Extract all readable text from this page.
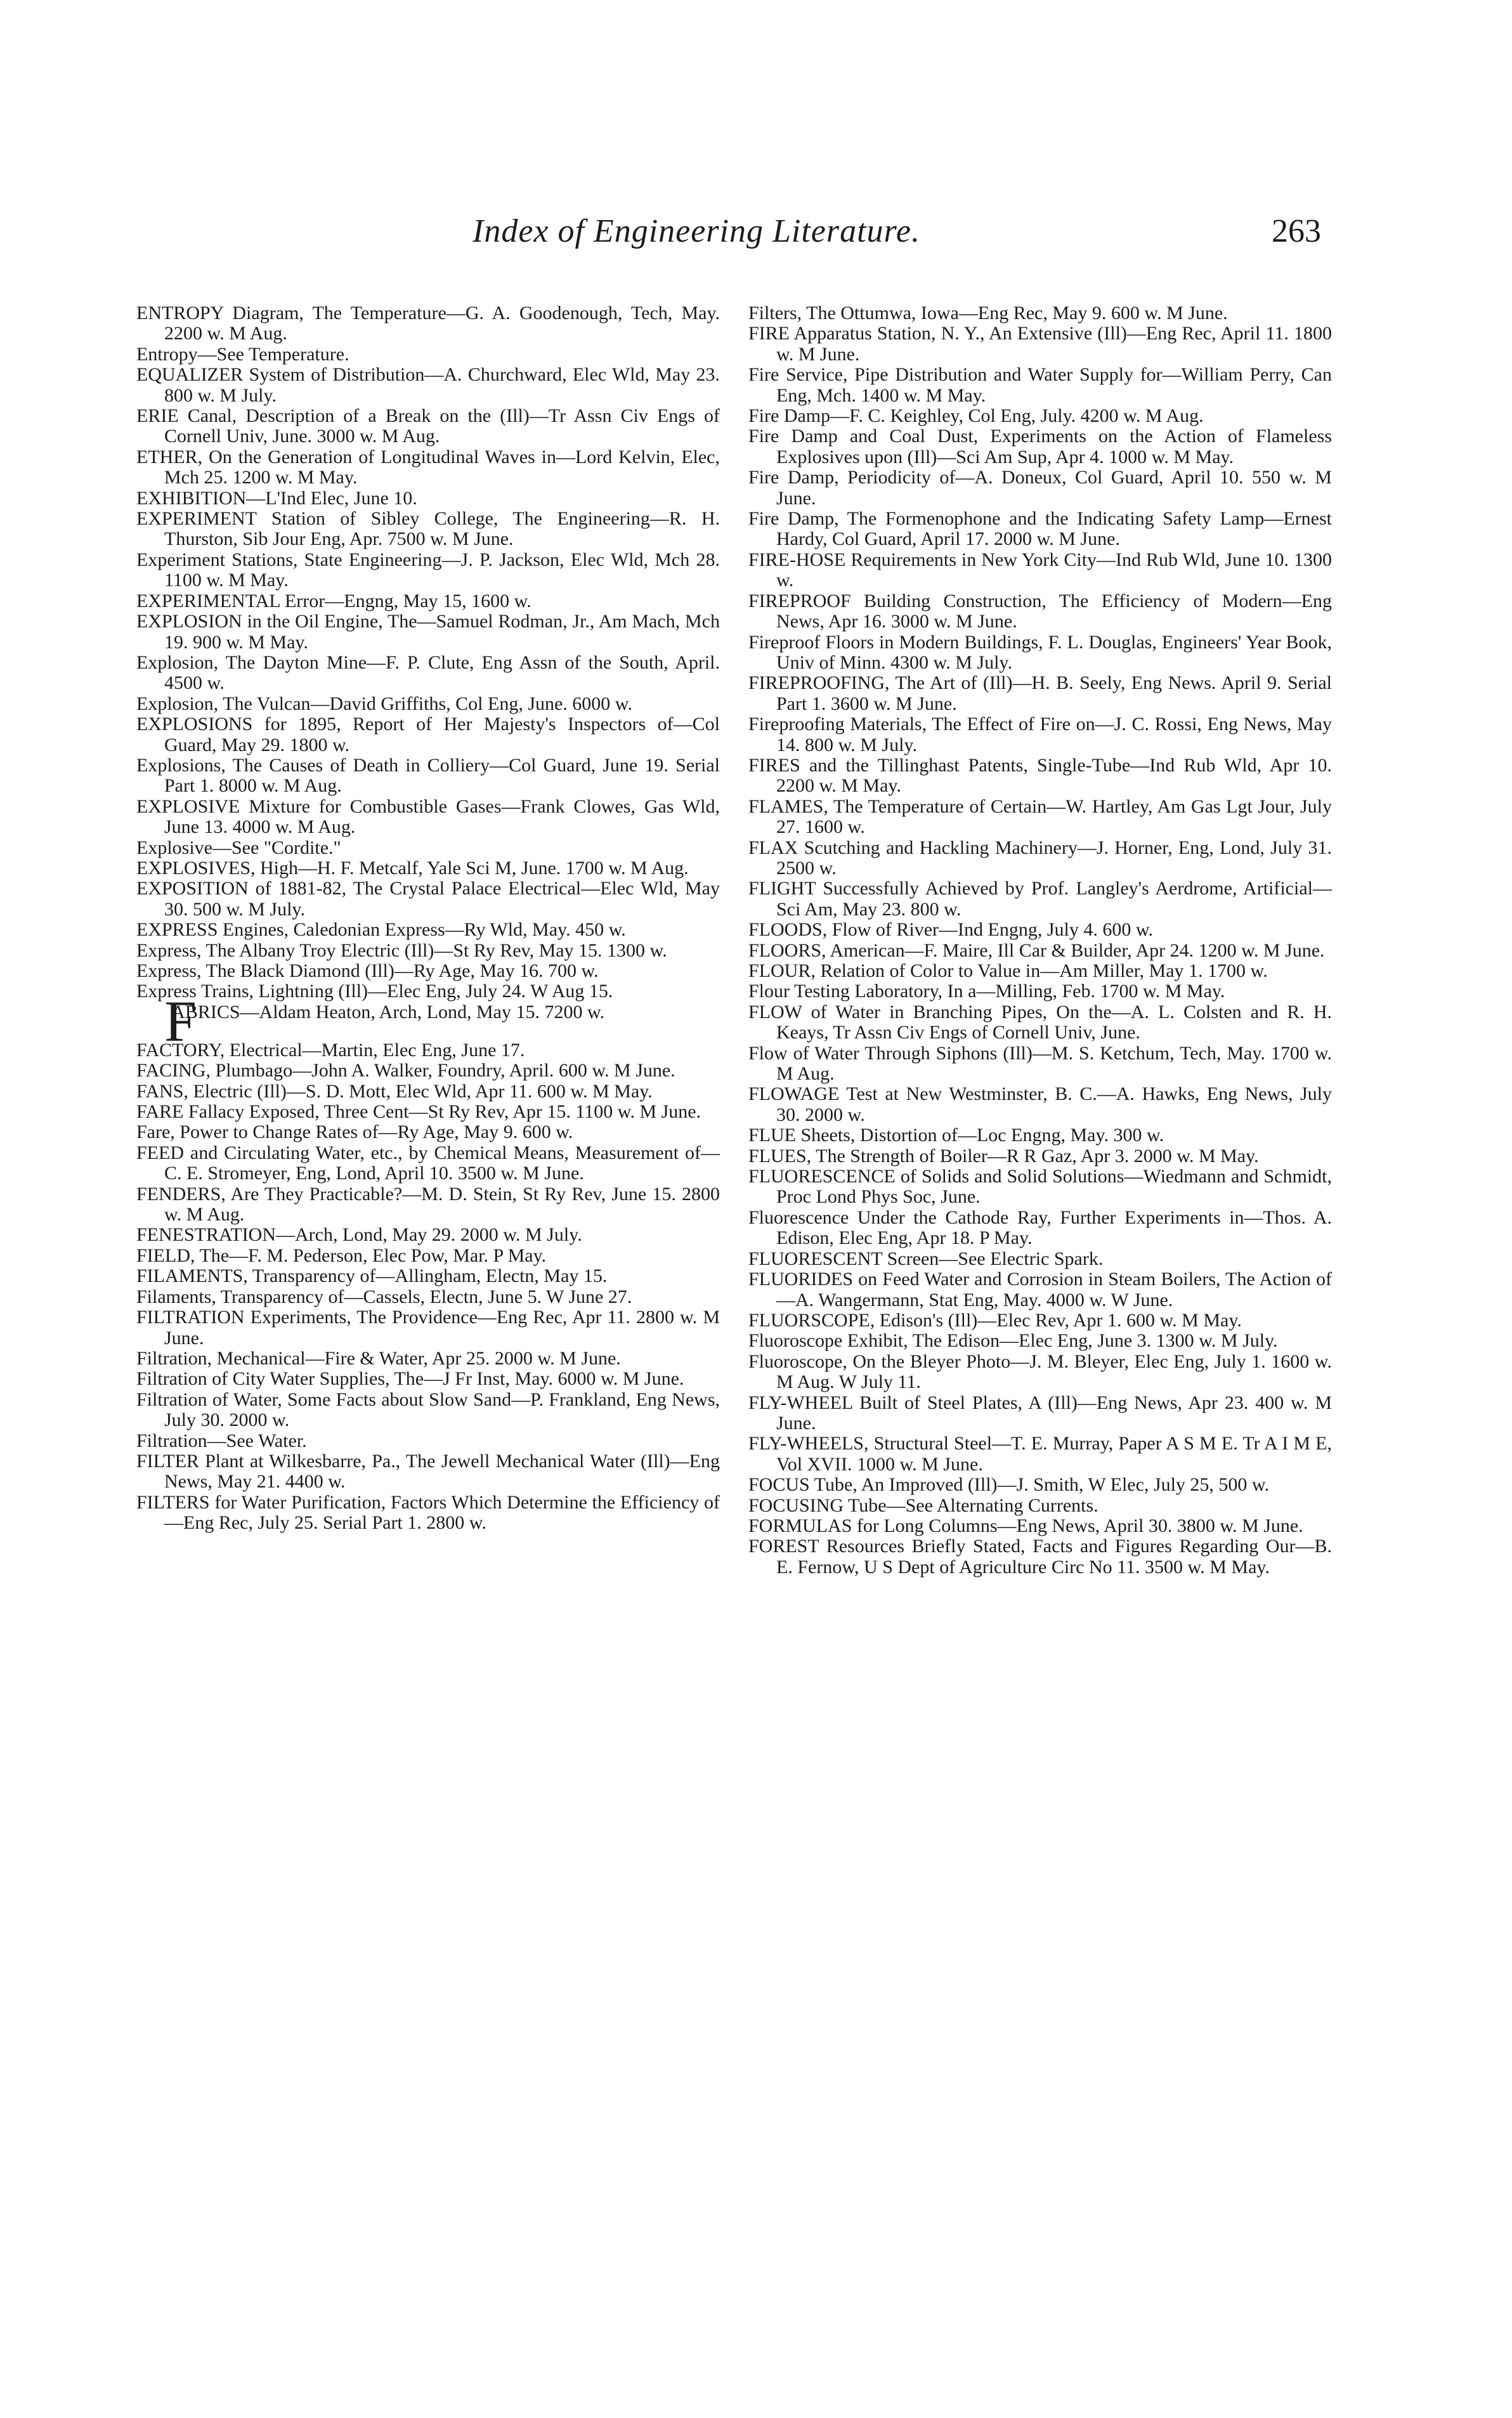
Index of Engineering Literature.	263
ENTROPY Diagram, The Temperature—G. A. Goodenough, Tech, May. 2200 w. M Aug.
Entropy—See Temperature.
EQUALIZER System of Distribution—A. Churchward, Elec Wld, May 23. 800 w. M July.
ERIE Canal, Description of a Break on the (Ill)—Tr Assn Civ Engs of Cornell Univ, June. 3000 w. M Aug.
ETHER, On the Generation of Longitudinal Waves in—Lord Kelvin, Elec, Mch 25. 1200 w. M May.
EXHIBITION—L'Ind Elec, June 10.
EXPERIMENT Station of Sibley College, The Engineering—R. H. Thurston, Sib Jour Eng, Apr. 7500 w. M June.
Experiment Stations, State Engineering—J. P. Jackson, Elec Wld, Mch 28. 1100 w. M May.
EXPERIMENTAL Error—Engng, May 15, 1600 w.
EXPLOSION in the Oil Engine, The—Samuel Rodman, Jr., Am Mach, Mch 19. 900 w. M May.
Explosion, The Dayton Mine—F. P. Clute, Eng Assn of the South, April. 4500 w.
Explosion, The Vulcan—David Griffiths, Col Eng, June. 6000 w.
EXPLOSIONS for 1895, Report of Her Majesty's Inspectors of—Col Guard, May 29. 1800 w.
Explosions, The Causes of Death in Colliery—Col Guard, June 19. Serial Part 1. 8000 w. M Aug.
EXPLOSIVE Mixture for Combustible Gases—Frank Clowes, Gas Wld, June 13. 4000 w. M Aug.
Explosive—See "Cordite."
EXPLOSIVES, High—H. F. Metcalf, Yale Sci M, June. 1700 w. M Aug.
EXPOSITION of 1881-82, The Crystal Palace Electrical—Elec Wld, May 30. 500 w. M July.
EXPRESS Engines, Caledonian Express—Ry Wld, May. 450 w.
Express, The Albany Troy Electric (Ill)—St Ry Rev, May 15. 1300 w.
Express, The Black Diamond (Ill)—Ry Age, May 16. 700 w.
Express Trains, Lightning (Ill)—Elec Eng, July 24. W Aug 15.
F
ABRICS—Aldam Heaton, Arch, Lond, May 15. 7200 w.
FACTORY, Electrical—Martin, Elec Eng, June 17.
FACING, Plumbago—John A. Walker, Foundry, April. 600 w. M June.
FANS, Electric (Ill)—S. D. Mott, Elec Wld, Apr 11. 600 w. M May.
FARE Fallacy Exposed, Three Cent—St Ry Rev, Apr 15. 1100 w. M June.
Fare, Power to Change Rates of—Ry Age, May 9. 600 w.
FEED and Circulating Water, etc., by Chemical Means, Measurement of—C. E. Stromeyer, Eng, Lond, April 10. 3500 w. M June.
FENDERS, Are They Practicable?—M. D. Stein, St Ry Rev, June 15. 2800 w. M Aug.
FENESTRATION—Arch, Lond, May 29. 2000 w. M July.
FIELD, The—F. M. Pederson, Elec Pow, Mar. P May.
FILAMENTS, Transparency of—Allingham, Electn, May 15.
Filaments, Transparency of—Cassels, Electn, June 5. W June 27.
FILTRATION Experiments, The Providence—Eng Rec, Apr 11. 2800 w. M June.
Filtration, Mechanical—Fire & Water, Apr 25. 2000 w. M June.
Filtration of City Water Supplies, The—J Fr Inst, May. 6000 w. M June.
Filtration of Water, Some Facts about Slow Sand—P. Frankland, Eng News, July 30. 2000 w.
Filtration—See Water.
FILTER Plant at Wilkesbarre, Pa., The Jewell Mechanical Water (Ill)—Eng News, May 21. 4400 w.
FILTERS for Water Purification, Factors Which Determine the Efficiency of—Eng Rec, July 25. Serial Part 1. 2800 w.
Filters, The Ottumwa, Iowa—Eng Rec, May 9. 600 w. M June.
FIRE Apparatus Station, N. Y., An Extensive (Ill)—Eng Rec, April 11. 1800 w. M June.
Fire Service, Pipe Distribution and Water Supply for—William Perry, Can Eng, Mch. 1400 w. M May.
Fire Damp—F. C. Keighley, Col Eng, July. 4200 w. M Aug.
Fire Damp and Coal Dust, Experiments on the Action of Flameless Explosives upon (Ill)—Sci Am Sup, Apr 4. 1000 w. M May.
Fire Damp, Periodicity of—A. Doneux, Col Guard, April 10. 550 w. M June.
Fire Damp, The Formenophone and the Indicating Safety Lamp—Ernest Hardy, Col Guard, April 17. 2000 w. M June.
FIRE-HOSE Requirements in New York City—Ind Rub Wld, June 10. 1300 w.
FIREPROOF Building Construction, The Efficiency of Modern—Eng News, Apr 16. 3000 w. M June.
Fireproof Floors in Modern Buildings, F. L. Douglas, Engineers' Year Book, Univ of Minn. 4300 w. M July.
FIREPROOFING, The Art of (Ill)—H. B. Seely, Eng News. April 9. Serial Part 1. 3600 w. M June.
Fireproofing Materials, The Effect of Fire on—J. C. Rossi, Eng News, May 14. 800 w. M July.
FIRES and the Tillinghast Patents, Single-Tube—Ind Rub Wld, Apr 10. 2200 w. M May.
FLAMES, The Temperature of Certain—W. Hartley, Am Gas Lgt Jour, July 27. 1600 w.
FLAX Scutching and Hackling Machinery—J. Horner, Eng, Lond, July 31. 2500 w.
FLIGHT Successfully Achieved by Prof. Langley's Aerdrome, Artificial—Sci Am, May 23. 800 w.
FLOODS, Flow of River—Ind Engng, July 4. 600 w.
FLOORS, American—F. Maire, Ill Car & Builder, Apr 24. 1200 w. M June.
FLOUR, Relation of Color to Value in—Am Miller, May 1. 1700 w.
Flour Testing Laboratory, In a—Milling, Feb. 1700 w. M May.
FLOW of Water in Branching Pipes, On the—A. L. Colsten and R. H. Keays, Tr Assn Civ Engs of Cornell Univ, June.
Flow of Water Through Siphons (Ill)—M. S. Ketchum, Tech, May. 1700 w. M Aug.
FLOWAGE Test at New Westminster, B. C.—A. Hawks, Eng News, July 30. 2000 w.
FLUE Sheets, Distortion of—Loc Engng, May. 300 w.
FLUES, The Strength of Boiler—R R Gaz, Apr 3. 2000 w. M May.
FLUORESCENCE of Solids and Solid Solutions—Wiedmann and Schmidt, Proc Lond Phys Soc, June.
Fluorescence Under the Cathode Ray, Further Experiments in—Thos. A. Edison, Elec Eng, Apr 18. P May.
FLUORESCENT Screen—See Electric Spark.
FLUORIDES on Feed Water and Corrosion in Steam Boilers, The Action of—A. Wangermann, Stat Eng, May. 4000 w. W June.
FLUORSCOPE, Edison's (Ill)—Elec Rev, Apr 1. 600 w. M May.
Fluoroscope Exhibit, The Edison—Elec Eng, June 3. 1300 w. M July.
Fluoroscope, On the Bleyer Photo—J. M. Bleyer, Elec Eng, July 1. 1600 w. M Aug. W July 11.
FLY-WHEEL Built of Steel Plates, A (Ill)—Eng News, Apr 23. 400 w. M June.
FLY-WHEELS, Structural Steel—T. E. Murray, Paper A S M E. Tr A I M E, Vol XVII. 1000 w. M June.
FOCUS Tube, An Improved (Ill)—J. Smith, W Elec, July 25, 500 w.
FOCUSING Tube—See Alternating Currents.
FORMULAS for Long Columns—Eng News, April 30. 3800 w. M June.
FOREST Resources Briefly Stated, Facts and Figures Regarding Our—B. E. Fernow, U S Dept of Agriculture Circ No 11. 3500 w. M May.
